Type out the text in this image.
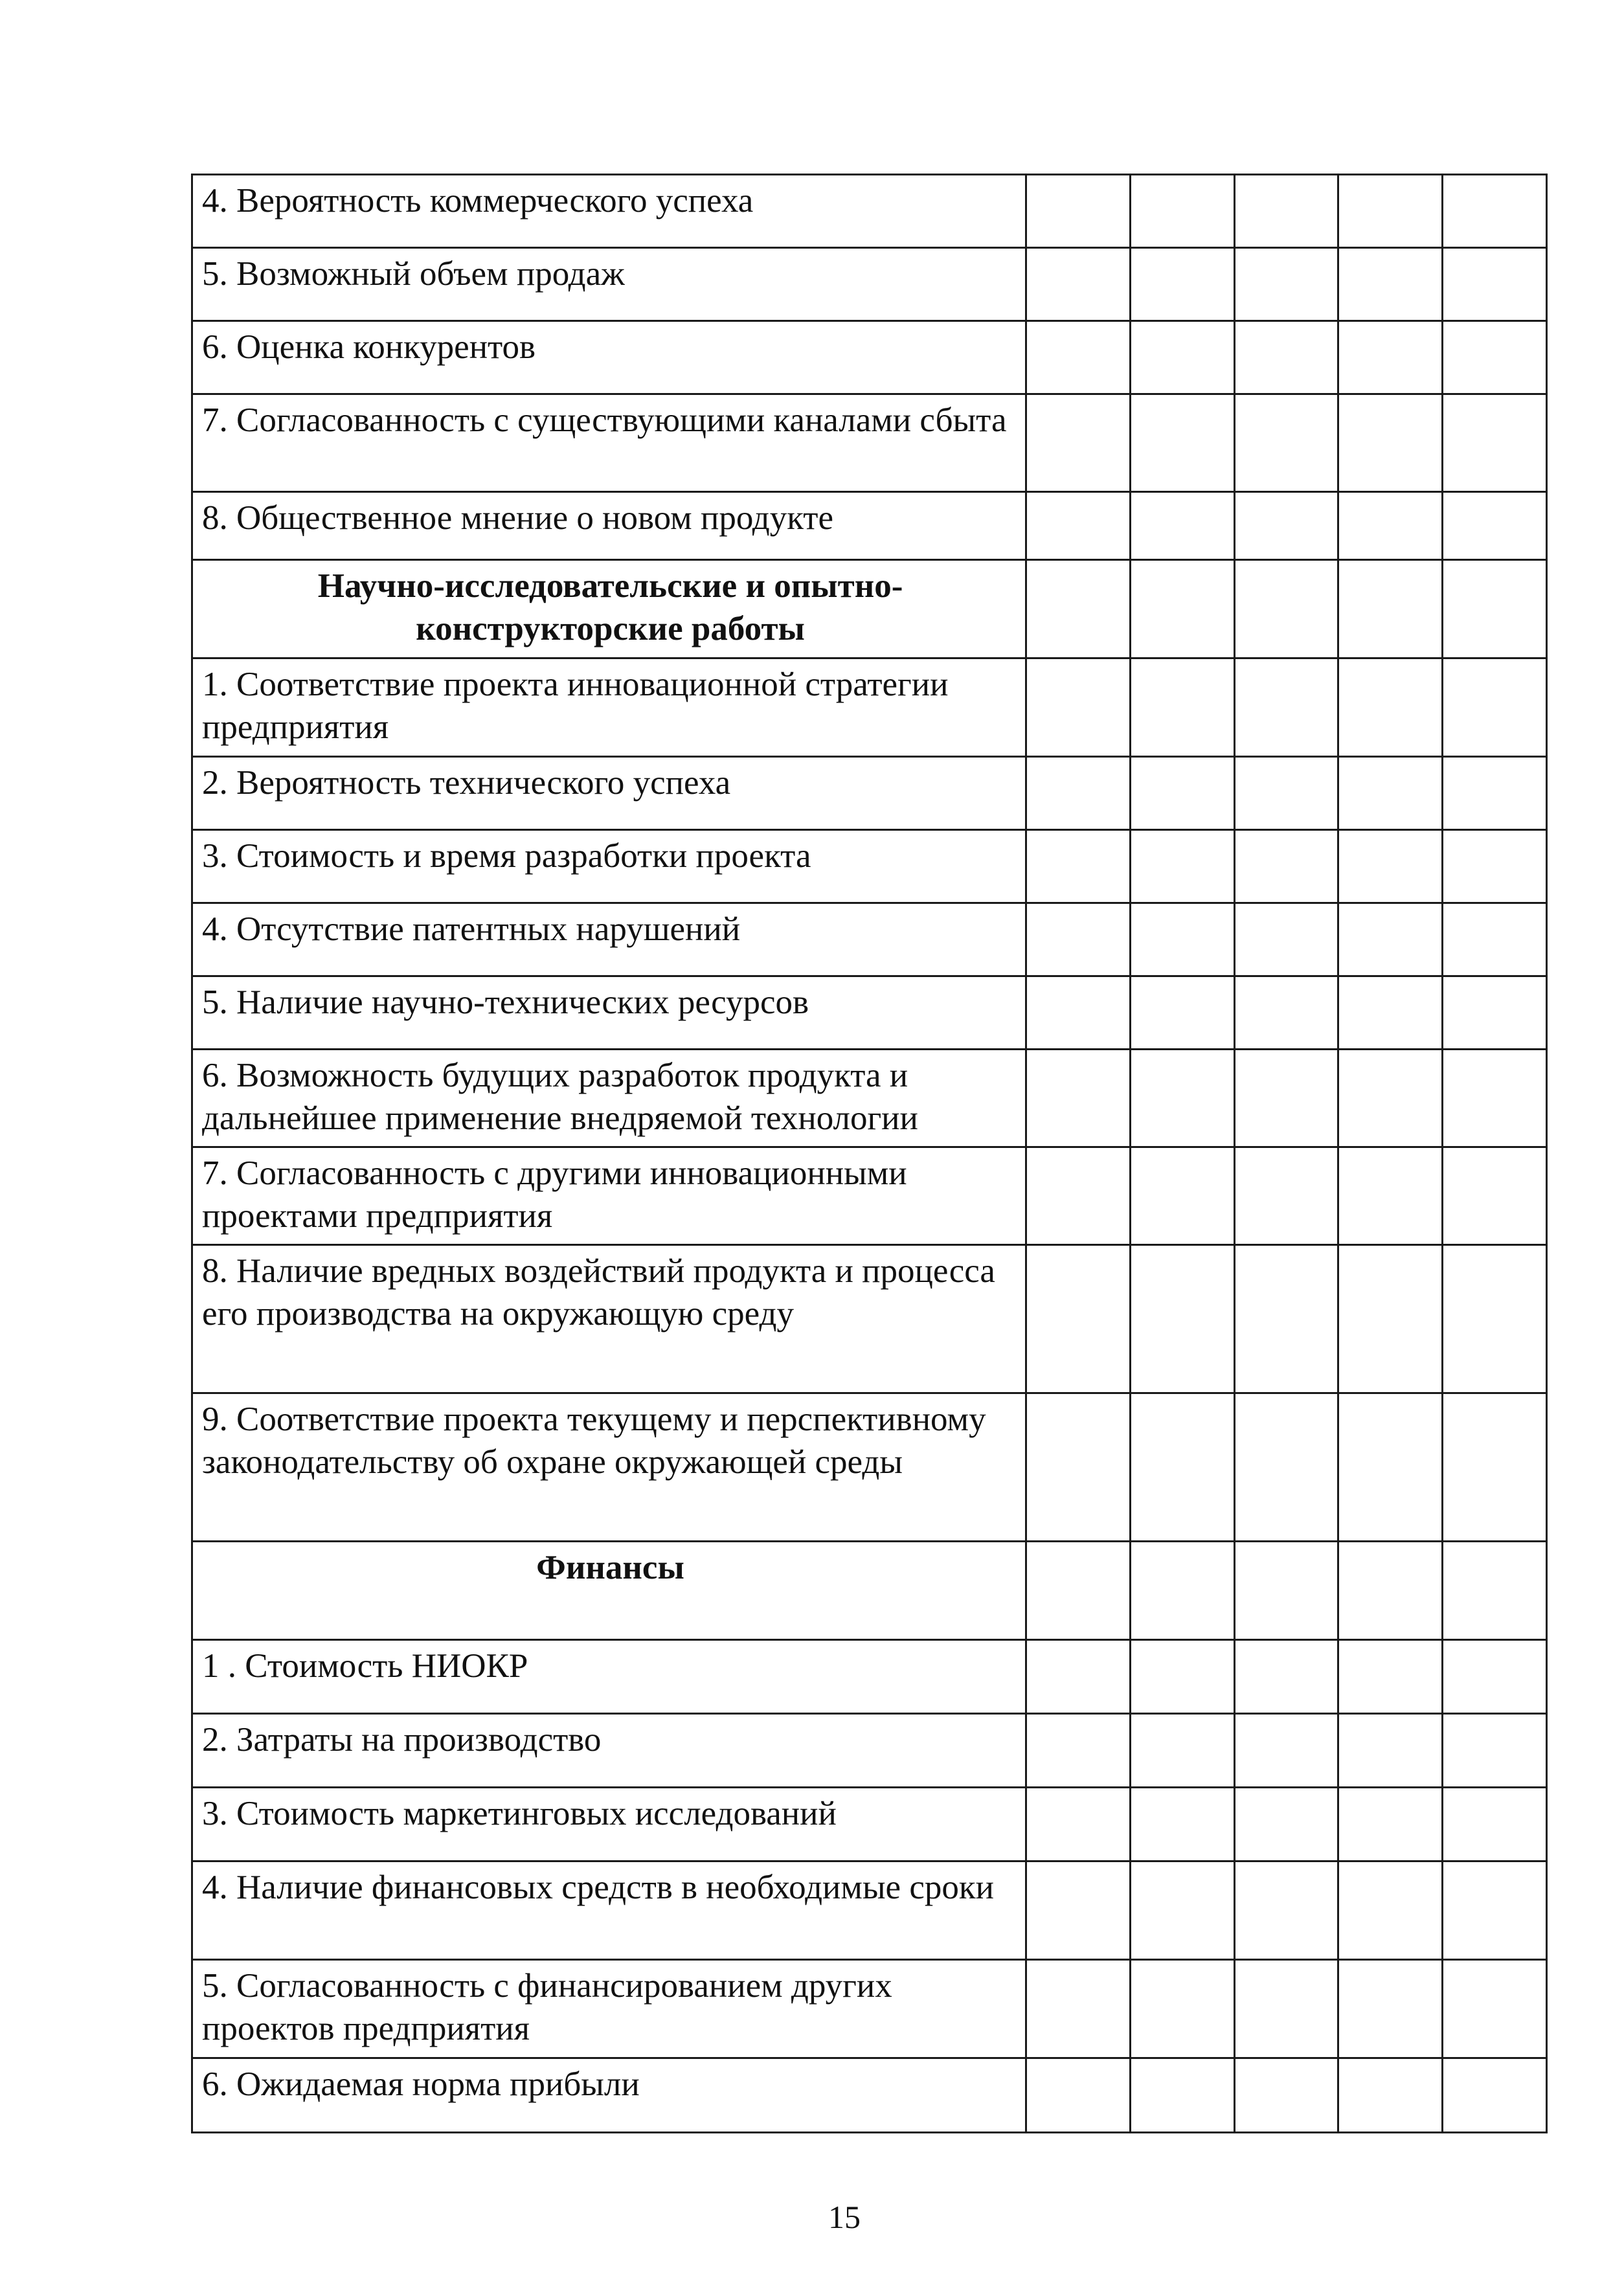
4. Вероятность коммерческого успеха					
5. Возможный объем продаж					
6. Оценка конкурентов					
7. Согласованность с существующими каналами сбыта					
8. Общественное мнение о новом продукте					
Научно-исследовательские и опытно-конструкторские работы					
1. Соответствие проекта инновационной стратегии предприятия					
2. Вероятность технического успеха					
3. Стоимость и время разработки проекта					
4. Отсутствие патентных нарушений					
5. Наличие научно-технических ресурсов					
6. Возможность будущих разработок продукта и дальнейшее применение внедряемой технологии					
7. Согласованность с другими инновационными проектами предприятия					
8. Наличие вредных воздействий продукта и процесса его производства на окружающую среду					
9. Соответствие проекта текущему и перспективному законодательству об охране окружающей среды					
Финансы					
1 . Стоимость НИОКР					
2. Затраты на производство					
3. Стоимость маркетинговых исследований					
4. Наличие финансовых средств в необходимые сроки					
5. Согласованность с финансированием других проектов предприятия					
6. Ожидаемая норма прибыли					
15
